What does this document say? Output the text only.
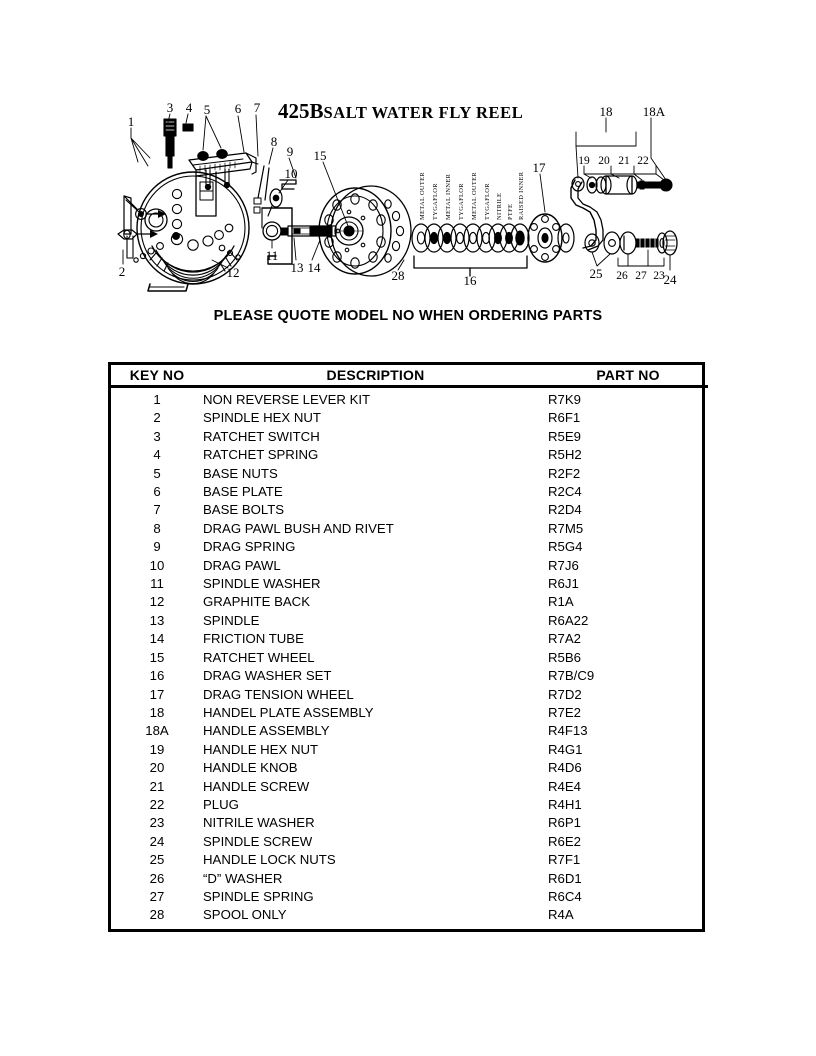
425BSALT WATER FLY REEL
METAL OUTER TYGAFLOR METAL INNER TYGAFLOR METAL OUTER TYGAFLOR NITRILE PTFE RAISED INNER
1
2
3 4 5 6 7
8
9
10
11
12	13 14
15
16
17
18 18A
19 20 21 22
23
24
25 26 27
28
PLEASE QUOTE MODEL NO WHEN ORDERING PARTS
KEY NO	DESCRIPTION	PART NO
1	NON REVERSE LEVER KIT	R7K9
2	SPINDLE HEX NUT	R6F1
3	RATCHET SWITCH	R5E9
4	RATCHET SPRING	R5H2
5	BASE NUTS	R2F2
6	BASE PLATE	R2C4
7	BASE BOLTS	R2D4
8	DRAG PAWL BUSH AND RIVET	R7M5
9	DRAG SPRING	R5G4
10	DRAG PAWL	R7J6
11	SPINDLE WASHER	R6J1
12	GRAPHITE BACK	R1A
13	SPINDLE	R6A22
14	FRICTION TUBE	R7A2
15	RATCHET WHEEL	R5B6
16	DRAG WASHER SET	R7B/C9
17	DRAG TENSION WHEEL	R7D2
18	HANDEL PLATE ASSEMBLY	R7E2
18A	HANDLE ASSEMBLY	R4F13
19	HANDLE HEX NUT	R4G1
20	HANDLE KNOB	R4D6
21	HANDLE SCREW	R4E4
22	PLUG	R4H1
23	NITRILE WASHER	R6P1
24	SPINDLE SCREW	R6E2
25	HANDLE LOCK NUTS	R7F1
26	“D” WASHER	R6D1
27	SPINDLE SPRING	R6C4
28	SPOOL ONLY	R4A
